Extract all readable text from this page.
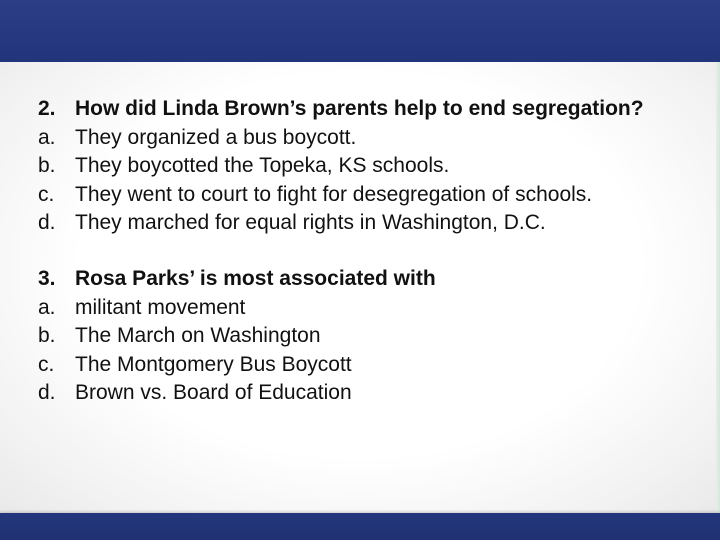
2. How did Linda Brown’s parents help to end segregation?
a. They organized a bus boycott.
b. They boycotted the Topeka, KS schools.
c. They went to court to fight for desegregation of schools.
d. They marched for equal rights in Washington, D.C.
3. Rosa Parks’ is most associated with
a. militant movement
b. The March on Washington
c. The Montgomery Bus Boycott
d. Brown vs. Board of Education
